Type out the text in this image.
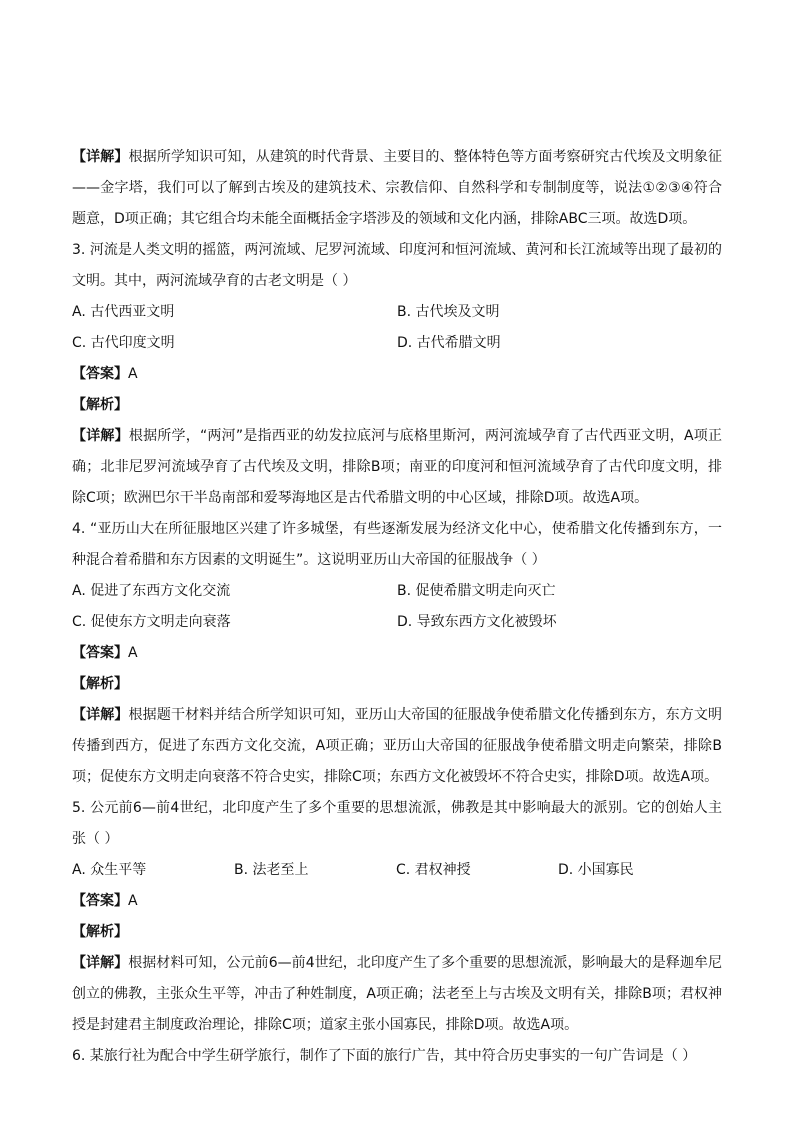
【详解】根据所学知识可知，从建筑的时代背景、主要目的、整体特色等方面考察研究古代埃及文明象征——金字塔，我们可以了解到古埃及的建筑技术、宗教信仰、自然科学和专制制度等，说法①②③④符合题意，D项正确；其它组合均未能全面概括金字塔涉及的领域和文化内涵，排除ABC三项。故选D项。

3. 河流是人类文明的摇篮，两河流域、尼罗河流域、印度河和恒河流域、黄河和长江流域等出现了最初的文明。其中，两河流域孕育的古老文明是（ ）

A. 古代西亚文明	B. 古代埃及文明
C. 古代印度文明	D. 古代希腊文明

【答案】A

【解析】

【详解】根据所学，“两河”是指西亚的幼发拉底河与底格里斯河，两河流域孕育了古代西亚文明，A项正确；北非尼罗河流域孕育了古代埃及文明，排除B项；南亚的印度河和恒河流域孕育了古代印度文明，排除C项；欧洲巴尔干半岛南部和爱琴海地区是古代希腊文明的中心区域，排除D项。故选A项。

4. “亚历山大在所征服地区兴建了许多城堡，有些逐渐发展为经济文化中心，使希腊文化传播到东方，一种混合着希腊和东方因素的文明诞生”。这说明亚历山大帝国的征服战争（ ）

A. 促进了东西方文化交流	B. 促使希腊文明走向灭亡
C. 促使东方文明走向衰落	D. 导致东西方文化被毁坏

【答案】A

【解析】

【详解】根据题干材料并结合所学知识可知，亚历山大帝国的征服战争使希腊文化传播到东方，东方文明传播到西方，促进了东西方文化交流，A项正确；亚历山大帝国的征服战争使希腊文明走向繁荣，排除B项；促使东方文明走向衰落不符合史实，排除C项；东西方文化被毁坏不符合史实，排除D项。故选A项。

5. 公元前6—前4世纪，北印度产生了多个重要的思想流派，佛教是其中影响最大的派别。它的创始人主张（ ）

A. 众生平等	B. 法老至上	C. 君权神授	D. 小国寡民

【答案】A

【解析】

【详解】根据材料可知，公元前6—前4世纪，北印度产生了多个重要的思想流派，影响最大的是释迦牟尼创立的佛教，主张众生平等，冲击了种姓制度，A项正确；法老至上与古埃及文明有关，排除B项；君权神授是封建君主制度政治理论，排除C项；道家主张小国寡民，排除D项。故选A项。

6. 某旅行社为配合中学生研学旅行，制作了下面的旅行广告，其中符合历史事实的一句广告词是（ ）
